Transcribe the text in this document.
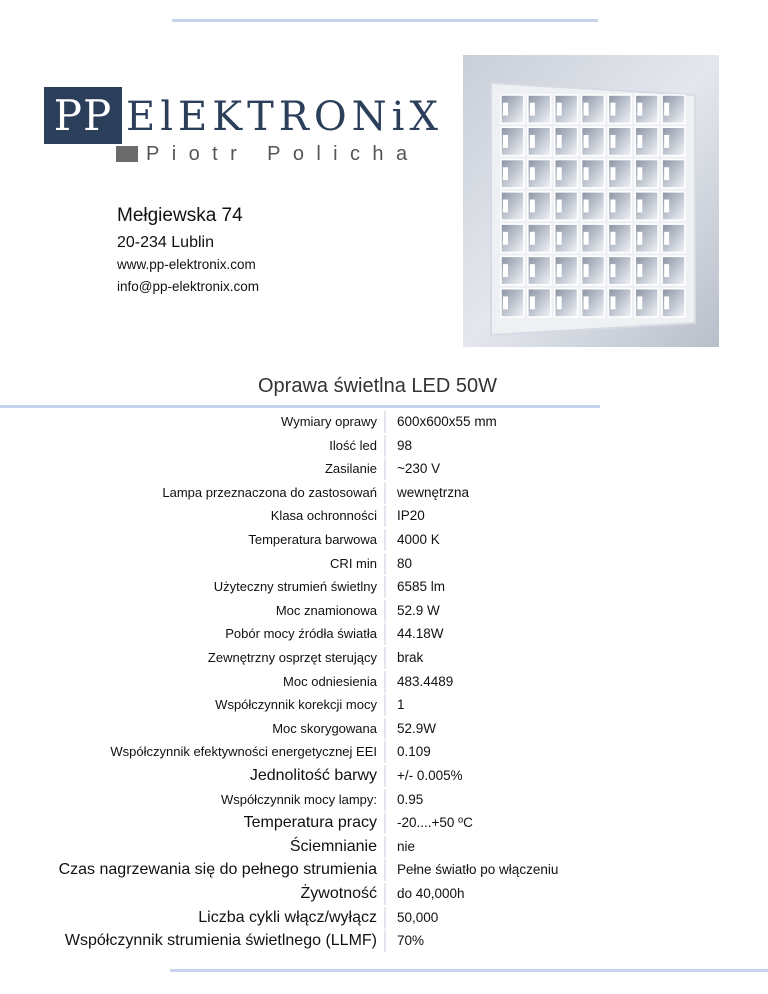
PP ElEKTRONiX
Piotr Policha
Mełgiewska 74
20-234 Lublin
www.pp-elektronix.com
info@pp-elektronix.com
Oprawa świetlna LED 50W
Wymiary oprawy 600x600x55 mm
Ilość led 98
Zasilanie ~230 V
Lampa przeznaczona do zastosowań wewnętrzna
Klasa ochronności IP20
Temperatura barwowa 4000 K
CRI min 80
Użyteczny strumień świetlny 6585 lm
Moc znamionowa 52.9 W
Pobór mocy źródła światła 44.18W
Zewnętrzny osprzęt sterujący brak
Moc odniesienia 483.4489
Współczynnik korekcji mocy 1
Moc skorygowana 52.9W
Współczynnik efektywności energetycznej EEI 0.109
Jednolitość barwy +/- 0.005%
Współczynnik mocy lampy: 0.95
Temperatura pracy -20....+50 ºC
Ściemnianie nie
Czas nagrzewania się do pełnego strumienia Pełne światło po włączeniu
Żywotność do 40,000h
Liczba cykli włącz/wyłącz 50,000
Współczynnik strumienia świetlnego (LLMF) 70%
